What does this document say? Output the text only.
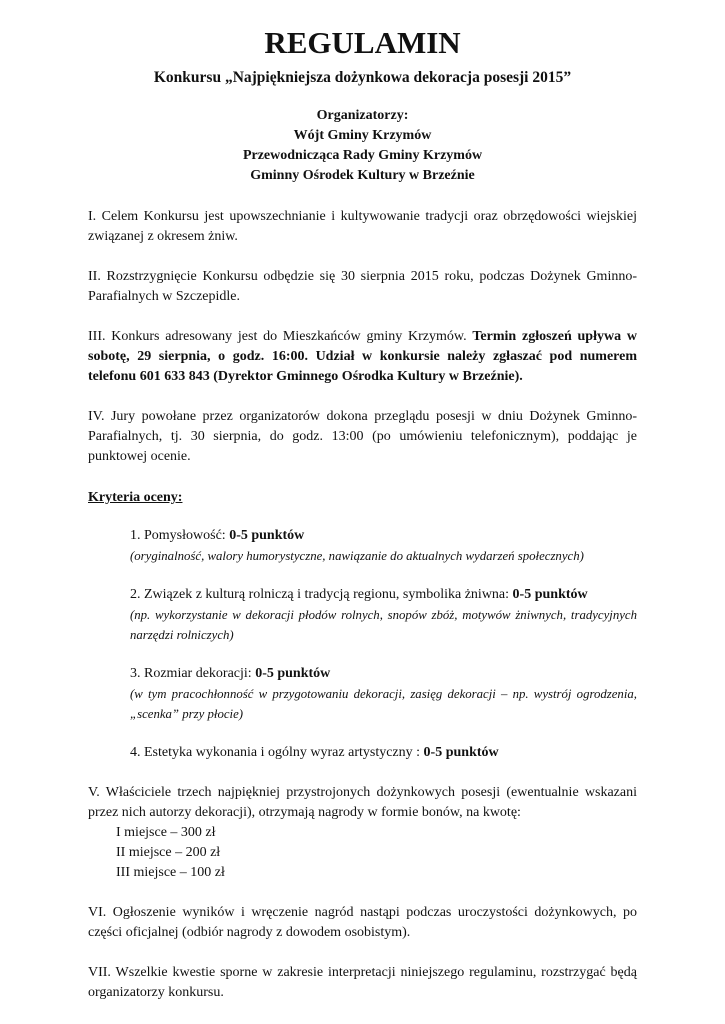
REGULAMIN
Konkursu „Najpiękniejsza dożynkowa dekoracja posesji 2015”
Organizatorzy:
Wójt Gminy Krzymów
Przewodnicząca Rady Gminy Krzymów
Gminny Ośrodek Kultury w Brzeźnie

I. Celem Konkursu jest upowszechnianie i kultywowanie tradycji oraz obrzędowości wiejskiej związanej z okresem żniw.

II. Rozstrzygnięcie Konkursu odbędzie się 30 sierpnia 2015 roku, podczas Dożynek Gminno-Parafialnych w Szczepidle.

III. Konkurs adresowany jest do Mieszkańców gminy Krzymów. Termin zgłoszeń upływa w sobotę, 29 sierpnia, o godz. 16:00. Udział w konkursie należy zgłaszać pod numerem telefonu 601 633 843 (Dyrektor Gminnego Ośrodka Kultury w Brzeźnie).

IV. Jury powołane przez organizatorów dokona przeglądu posesji w dniu Dożynek Gminno-Parafialnych, tj. 30 sierpnia, do godz. 13:00 (po umówieniu telefonicznym), poddając je punktowej ocenie.

Kryteria oceny:
1. Pomysłowość: 0-5 punktów
(oryginalność, walory humorystyczne, nawiązanie do aktualnych wydarzeń społecznych)
2. Związek z kulturą rolniczą i tradycją regionu, symbolika żniwna: 0-5 punktów
(np. wykorzystanie w dekoracji płodów rolnych, snopów zbóż, motywów żniwnych, tradycyjnych narzędzi rolniczych)
3. Rozmiar dekoracji: 0-5 punktów
(w tym pracochłonność w przygotowaniu dekoracji, zasięg dekoracji – np. wystrój ogrodzenia, „scenka” przy płocie)
4. Estetyka wykonania i ogólny wyraz artystyczny : 0-5 punktów

V. Właściciele trzech najpiękniej przystrojonych dożynkowych posesji (ewentualnie wskazani przez nich autorzy dekoracji), otrzymają nagrody w formie bonów, na kwotę:

I miejsce – 300 zł
II miejsce – 200 zł
III miejsce – 100 zł

VI. Ogłoszenie wyników i wręczenie nagród nastąpi podczas uroczystości dożynkowych, po części oficjalnej (odbiór nagrody z dowodem osobistym).

VII. Wszelkie kwestie sporne w zakresie interpretacji niniejszego regulaminu, rozstrzygać będą organizatorzy konkursu.
